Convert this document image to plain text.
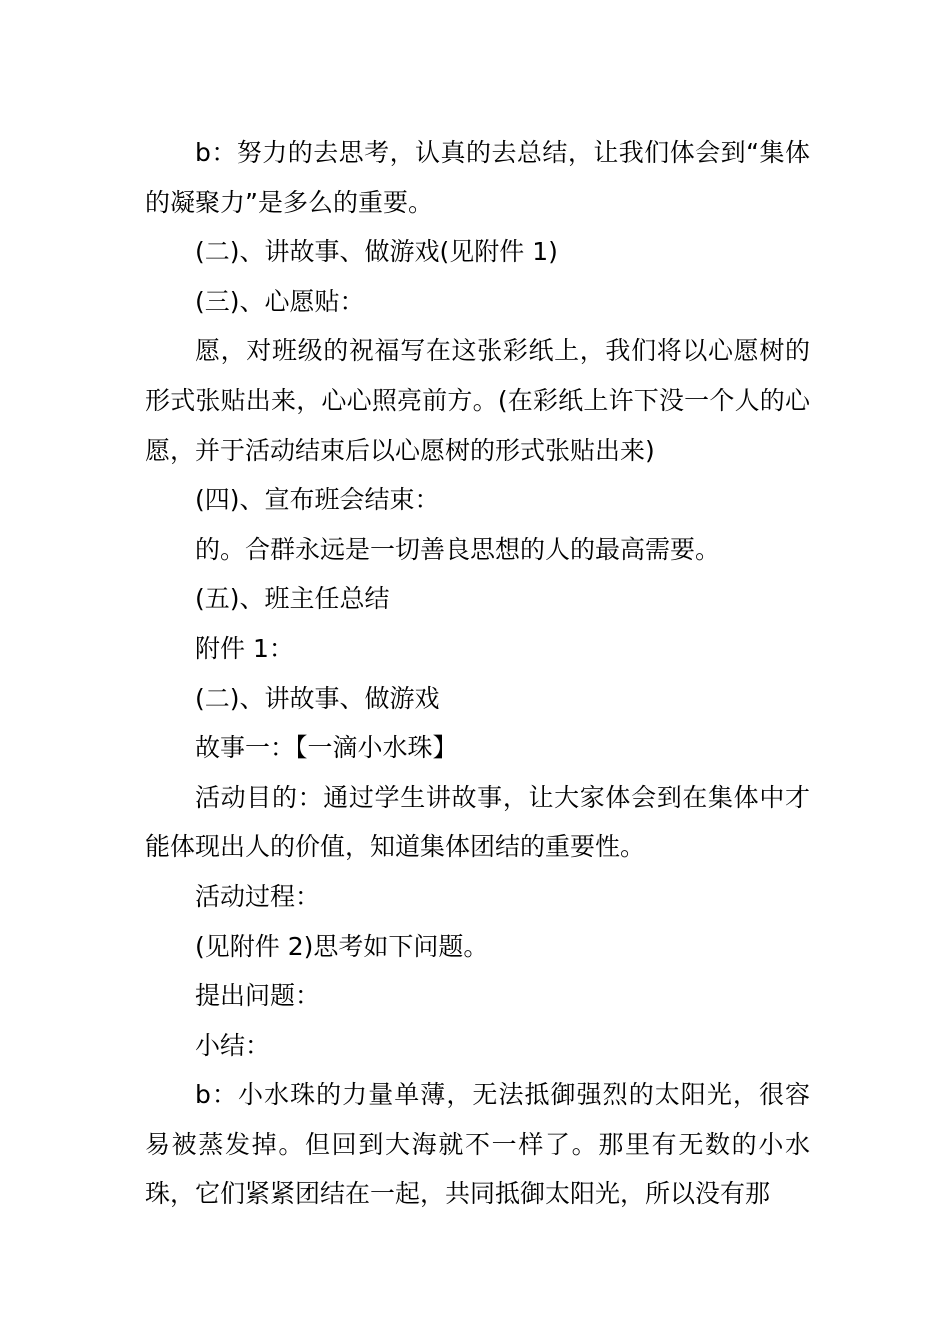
b：努力的去思考，认真的去总结，让我们体会到“集体的凝聚力”是多么的重要。

(二)、讲故事、做游戏(见附件 1)

(三)、心愿贴：

愿，对班级的祝福写在这张彩纸上，我们将以心愿树的形式张贴出来，心心照亮前方。(在彩纸上许下没一个人的心愿，并于活动结束后以心愿树的形式张贴出来)

(四)、宣布班会结束：

的。合群永远是一切善良思想的人的最高需要。

(五)、班主任总结

附件 1：

(二)、讲故事、做游戏

故事一：【一滴小水珠】

活动目的：通过学生讲故事，让大家体会到在集体中才能体现出人的价值，知道集体团结的重要性。

活动过程：

(见附件 2)思考如下问题。

提出问题：

小结：

b：小水珠的力量单薄，无法抵御强烈的太阳光，很容易被蒸发掉。但回到大海就不一样了。那里有无数的小水珠，它们紧紧团结在一起，共同抵御太阳光，所以没有那
